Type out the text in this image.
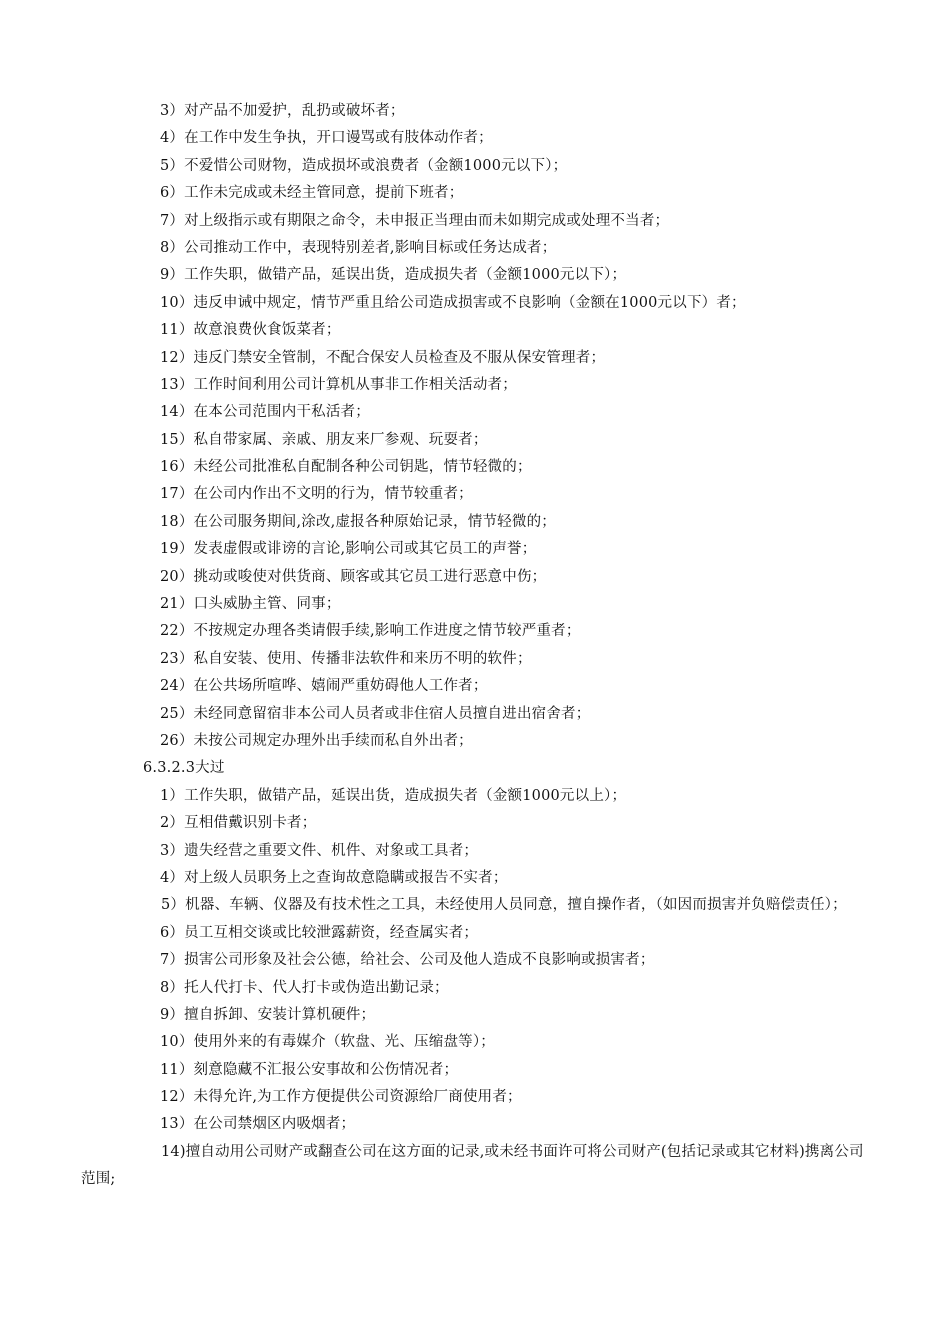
3）对产品不加爱护，乱扔或破坏者；
4）在工作中发生争执，开口谩骂或有肢体动作者；
5）不爱惜公司财物，造成损坏或浪费者（金额1000元以下）；
6）工作未完成或未经主管同意，提前下班者；
7）对上级指示或有期限之命令，未申报正当理由而未如期完成或处理不当者；
8）公司推动工作中，表现特别差者,影响目标或任务达成者；
9）工作失职，做错产品，延误出货，造成损失者（金额1000元以下）；
10）违反申诫中规定，情节严重且给公司造成损害或不良影响（金额在1000元以下）者；
11）故意浪费伙食饭菜者；
12）违反门禁安全管制，不配合保安人员检查及不服从保安管理者；
13）工作时间利用公司计算机从事非工作相关活动者；
14）在本公司范围内干私活者；
15）私自带家属、亲戚、朋友来厂参观、玩耍者；
16）未经公司批准私自配制各种公司钥匙，情节轻微的；
17）在公司内作出不文明的行为，情节较重者；
18）在公司服务期间,涂改,虚报各种原始记录，情节轻微的；
19）发表虚假或诽谤的言论,影响公司或其它员工的声誉；
20）挑动或唆使对供货商、顾客或其它员工进行恶意中伤；
21）口头威胁主管、同事；
22）不按规定办理各类请假手续,影响工作进度之情节较严重者；
23）私自安装、使用、传播非法软件和来历不明的软件；
24）在公共场所喧哗、嬉闹严重妨碍他人工作者；
25）未经同意留宿非本公司人员者或非住宿人员擅自进出宿舍者；
26）未按公司规定办理外出手续而私自外出者；
6.3.2.3大过
1）工作失职，做错产品，延误出货，造成损失者（金额1000元以上）；
2）互相借戴识别卡者；
3）遗失经营之重要文件、机件、对象或工具者；
4）对上级人员职务上之查询故意隐瞒或报告不实者；
5）机器、车辆、仪器及有技术性之工具，未经使用人员同意，擅自操作者，（如因而损害并负赔偿责任）；
6）员工互相交谈或比较泄露薪资，经查属实者；
7）损害公司形象及社会公德，给社会、公司及他人造成不良影响或损害者；
8）托人代打卡、代人打卡或伪造出勤记录；
9）擅自拆卸、安装计算机硬件；
10）使用外来的有毒媒介（软盘、光、压缩盘等）；
11）刻意隐藏不汇报公安事故和公伤情况者；
12）未得允许,为工作方便提供公司资源给厂商使用者；
13）在公司禁烟区内吸烟者；
14)擅自动用公司财产或翻查公司在这方面的记录,或未经书面许可将公司财产(包括记录或其它材料)携离公司范围;
